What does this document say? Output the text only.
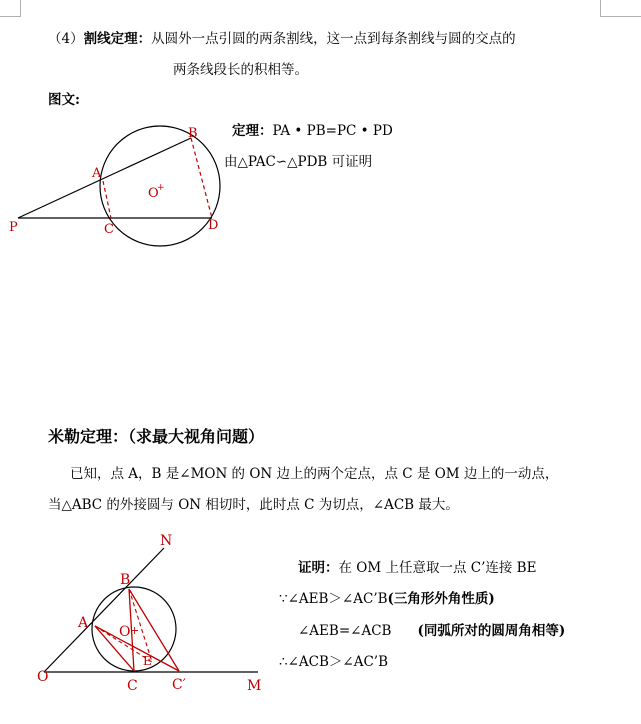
（4）割线定理：从圆外一点引圆的两条割线，这一点到每条割线与圆的交点的
两条线段长的积相等。
图文:
定理：PA • PB=PC • PD
由△PAC∽△PDB 可证明
B
A
O
+
P	C	D
米勒定理：（求最大视角问题）
已知，点 A，B 是∠MON 的 ON 边上的两个定点，点 C 是 OM 边上的一动点，
当△ABC 的外接圆与 ON 相切时，此时点 C 为切点，∠ACB 最大。
证明：在 OM 上任意取一点 C’连接 BE
∵∠AEB＞∠AC’B(三角形外角性质)
∠AEB=∠ACB (同弧所对的圆周角相等)
∴∠ACB＞∠AC’B
N
B
A
O +
E
O
C C′	M
